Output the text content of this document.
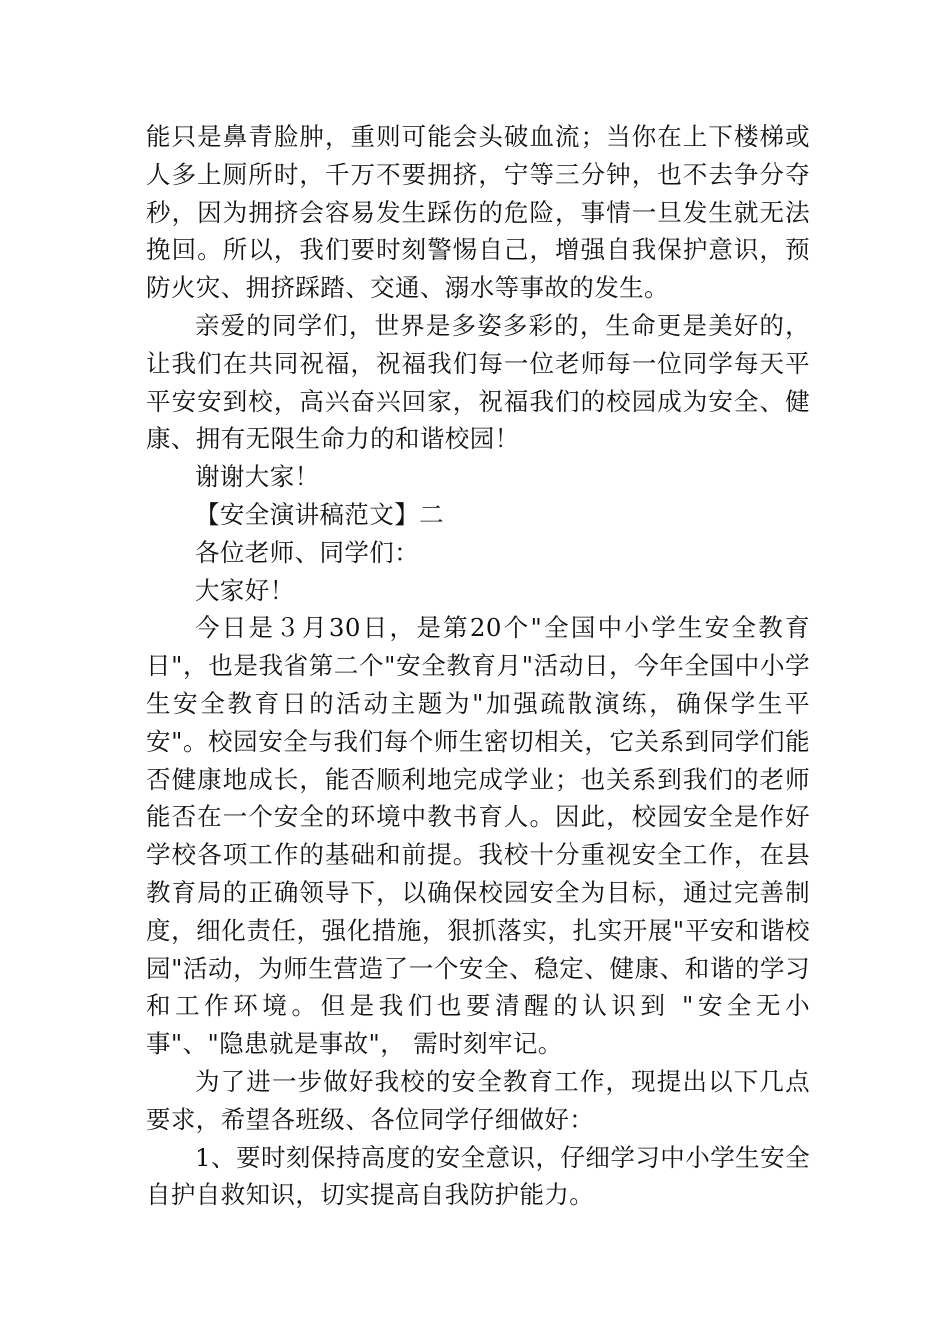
能只是鼻青脸肿，重则可能会头破血流；当你在上下楼梯或人多上厕所时，千万不要拥挤，宁等三分钟，也不去争分夺秒，因为拥挤会容易发生踩伤的危险，事情一旦发生就无法挽回。所以，我们要时刻警惕自己，增强自我保护意识，预防火灾、拥挤踩踏、交通、溺水等事故的发生。

亲爱的同学们，世界是多姿多彩的，生命更是美好的，让我们在共同祝福，祝福我们每一位老师每一位同学每天平平安安到校，高兴奋兴回家，祝福我们的校园成为安全、健康、拥有无限生命力的和谐校园！

谢谢大家！

【安全演讲稿范文】二

各位老师、同学们：

大家好！

今日是３月30日，是第20个"全国中小学生安全教育日"，也是我省第二个"安全教育月"活动日，今年全国中小学生安全教育日的活动主题为"加强疏散演练，确保学生平安"。校园安全与我们每个师生密切相关，它关系到同学们能否健康地成长，能否顺利地完成学业；也关系到我们的老师能否在一个安全的环境中教书育人。因此，校园安全是作好学校各项工作的基础和前提。我校十分重视安全工作，在县教育局的正确领导下，以确保校园安全为目标，通过完善制度，细化责任，强化措施，狠抓落实，扎实开展"平安和谐校园"活动，为师生营造了一个安全、稳定、健康、和谐的学习和工作环境。但是我们也要清醒的认识到 "安全无小事"、"隐患就是事故"， 需时刻牢记。

为了进一步做好我校的安全教育工作，现提出以下几点要求，希望各班级、各位同学仔细做好：

1、要时刻保持高度的安全意识，仔细学习中小学生安全自护自救知识，切实提高自我防护能力。
